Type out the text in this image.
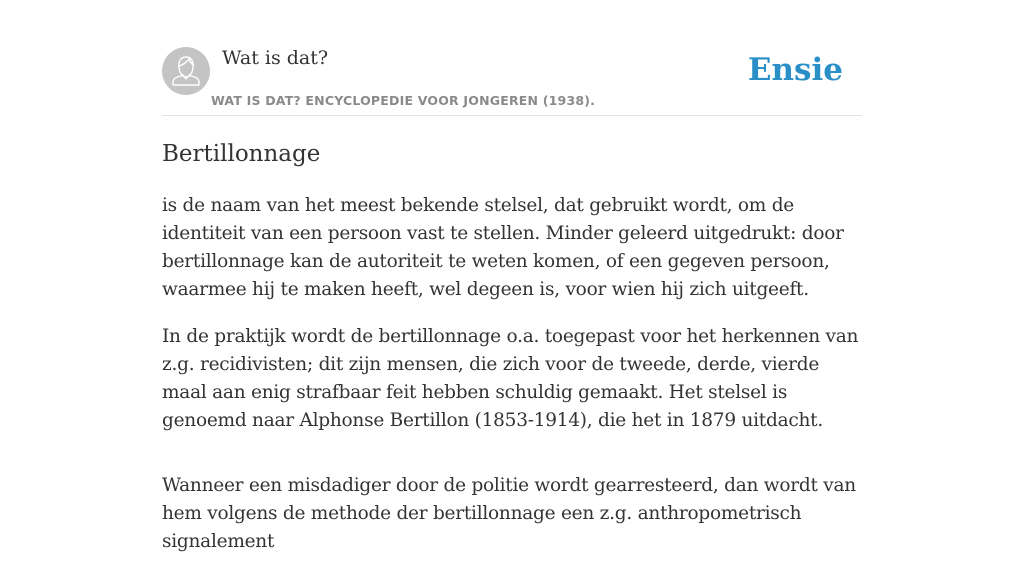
Wat is dat?
WAT IS DAT? ENCYCLOPEDIE VOOR JONGEREN (1938).
Ensie
Bertillonnage

is de naam van het meest bekende stelsel, dat gebruikt wordt, om de identiteit van een persoon vast te stellen. Minder geleerd uitgedrukt: door bertillonnage kan de autoriteit te weten komen, of een gegeven persoon, waarmee hij te maken heeft, wel degeen is, voor wien hij zich uitgeeft.

In de praktijk wordt de bertillonnage o.a. toegepast voor het herkennen van z.g. recidivisten; dit zijn mensen, die zich voor de tweede, derde, vierde maal aan enig strafbaar feit hebben schuldig gemaakt. Het stelsel is genoemd naar Alphonse Bertillon (1853-1914), die het in 1879 uitdacht.

Wanneer een misdadiger door de politie wordt gearresteerd, dan wordt van hem volgens de methode der bertillonnage een z.g. anthropometrisch signalement
